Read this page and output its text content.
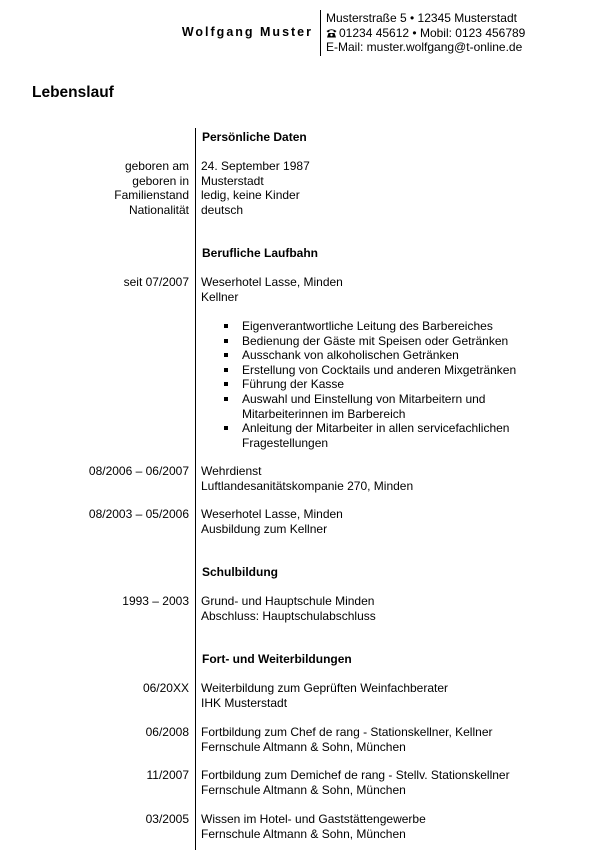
Wolfgang Muster
Musterstraße 5 • 12345 Musterstadt
01234 45612 • Mobil: 0123 456789
E-Mail: muster.wolfgang@t-online.de
Lebenslauf
Persönliche Daten
geboren am
geboren in
Familienstand
Nationalität
24. September 1987
Musterstadt
ledig, keine Kinder
deutsch
Berufliche Laufbahn
seit 07/2007 Weserhotel Lasse, Minden
Kellner
Eigenverantwortliche Leitung des Barbereiches
Bedienung der Gäste mit Speisen oder Getränken
Ausschank von alkoholischen Getränken
Erstellung von Cocktails und anderen Mixgetränken
Führung der Kasse
Auswahl und Einstellung von Mitarbeitern und Mitarbeiterinnen im Barbereich
Anleitung der Mitarbeiter in allen servicefachlichen Fragestellungen
08/2006 – 06/2007 Wehrdienst
Luftlandesanitätskompanie 270, Minden
08/2003 – 05/2006 Weserhotel Lasse, Minden
Ausbildung zum Kellner
Schulbildung
1993 – 2003 Grund- und Hauptschule Minden
Abschluss: Hauptschulabschluss
Fort- und Weiterbildungen
06/20XX Weiterbildung zum Geprüften Weinfachberater
IHK Musterstadt
06/2008 Fortbildung zum Chef de rang - Stationskellner, Kellner
Fernschule Altmann & Sohn, München
11/2007 Fortbildung zum Demichef de rang - Stellv. Stationskellner
Fernschule Altmann & Sohn, München
03/2005 Wissen im Hotel- und Gaststättengewerbe
Fernschule Altmann & Sohn, München
